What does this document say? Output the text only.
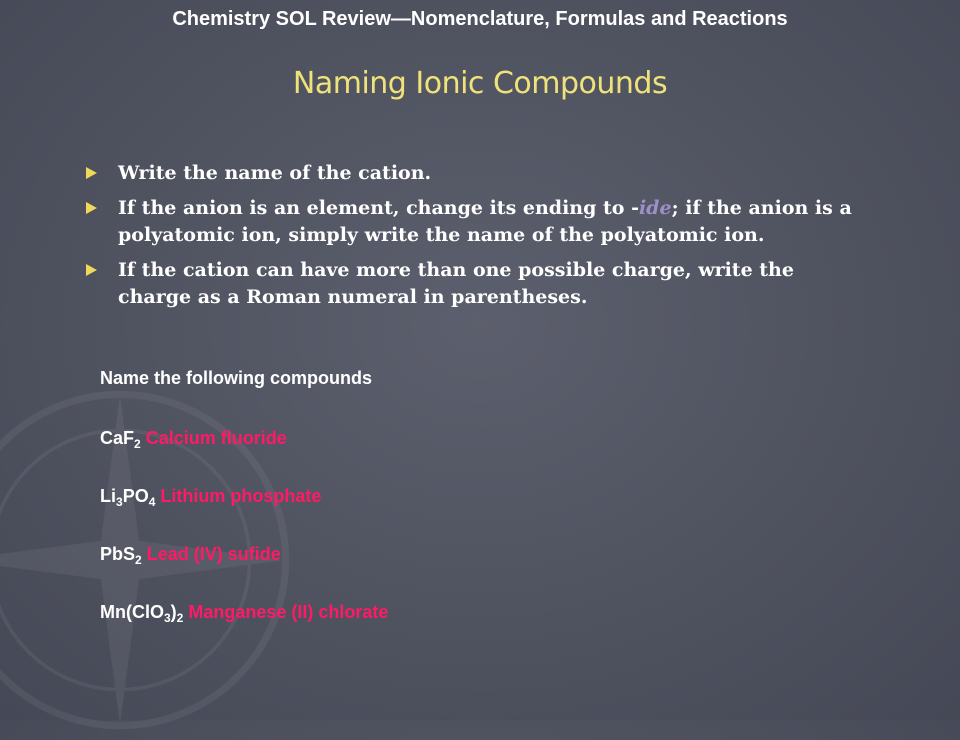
Chemistry SOL Review—Nomenclature, Formulas and Reactions
Naming Ionic Compounds
Write the name of the cation.
If the anion is an element, change its ending to -ide; if the anion is a polyatomic ion, simply write the name of the polyatomic ion.
If the cation can have more than one possible charge, write the charge as a Roman numeral in parentheses.
Name the following compounds
CaF$_2$ Calcium fluoride
$Li_3PO_4$ Lithium phosphate
PbS$_2$ Lead (IV) sufide
$Mn(ClO_3)_2$ Manganese (II) chlorate
